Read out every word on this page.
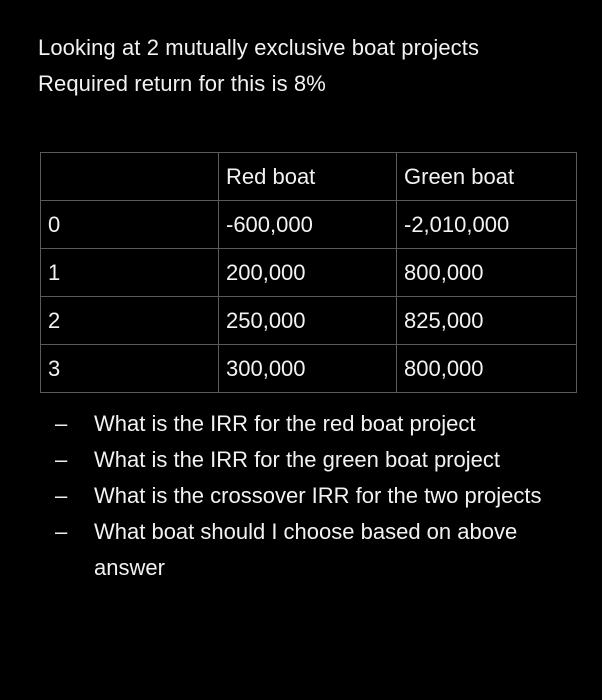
Looking at 2 mutually exclusive boat projects

Required return for this is 8%

	Red boat	Green boat
0	-600,000	-2,010,000
1	200,000	800,000
2	250,000	825,000
3	300,000	800,000
–	What is the IRR for the red boat project
–	What is the IRR for the green boat project
–	What is the crossover IRR for the two projects
–	What boat should I choose based on above answer
